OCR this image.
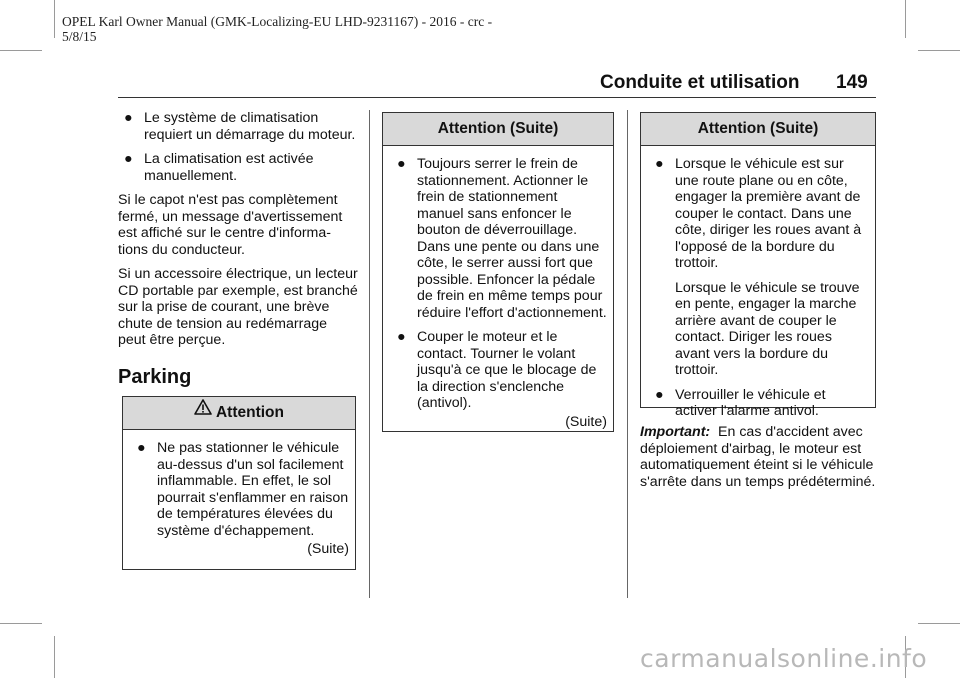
OPEL Karl Owner Manual (GMK-Localizing-EU LHD-9231167) - 2016 - crc -
5/8/15
Conduite et utilisation 149
● Le système de climatisation requiert un démarrage du moteur.
● La climatisation est activée manuellement.

Si le capot n'est pas complètement fermé, un message d'avertissement est affiché sur le centre d'informa-tions du conducteur.

Si un accessoire électrique, un lecteur CD portable par exemple, est branché sur la prise de courant, une brève chute de tension au redémarrage peut être perçue.

Parking
Attention
● Ne pas stationner le véhicule au-dessus d'un sol facilement inflammable. En effet, le sol pourrait s'enflammer en raison de températures élevées du système d'échappement.
(Suite)
Attention (Suite)
● Toujours serrer le frein de stationnement. Actionner le frein de stationnement manuel sans enfoncer le bouton de déverrouillage. Dans une pente ou dans une côte, le serrer aussi fort que possible. Enfoncer la pédale de frein en même temps pour réduire l'effort d'actionnement.
● Couper le moteur et le contact. Tourner le volant jusqu'à ce que le blocage de la direction s'enclenche (antivol).
(Suite)
Attention (Suite)
● Lorsque le véhicule est sur une route plane ou en côte, engager la première avant de couper le contact. Dans une côte, diriger les roues avant à l'opposé de la bordure du trottoir.

Lorsque le véhicule se trouve en pente, engager la marche arrière avant de couper le contact. Diriger les roues avant vers la bordure du trottoir.

● Verrouiller le véhicule et activer l'alarme antivol.
Important: En cas d'accident avec déploiement d'airbag, le moteur est automatiquement éteint si le véhicule s'arrête dans un temps prédéterminé.
carmanualsonline.info
